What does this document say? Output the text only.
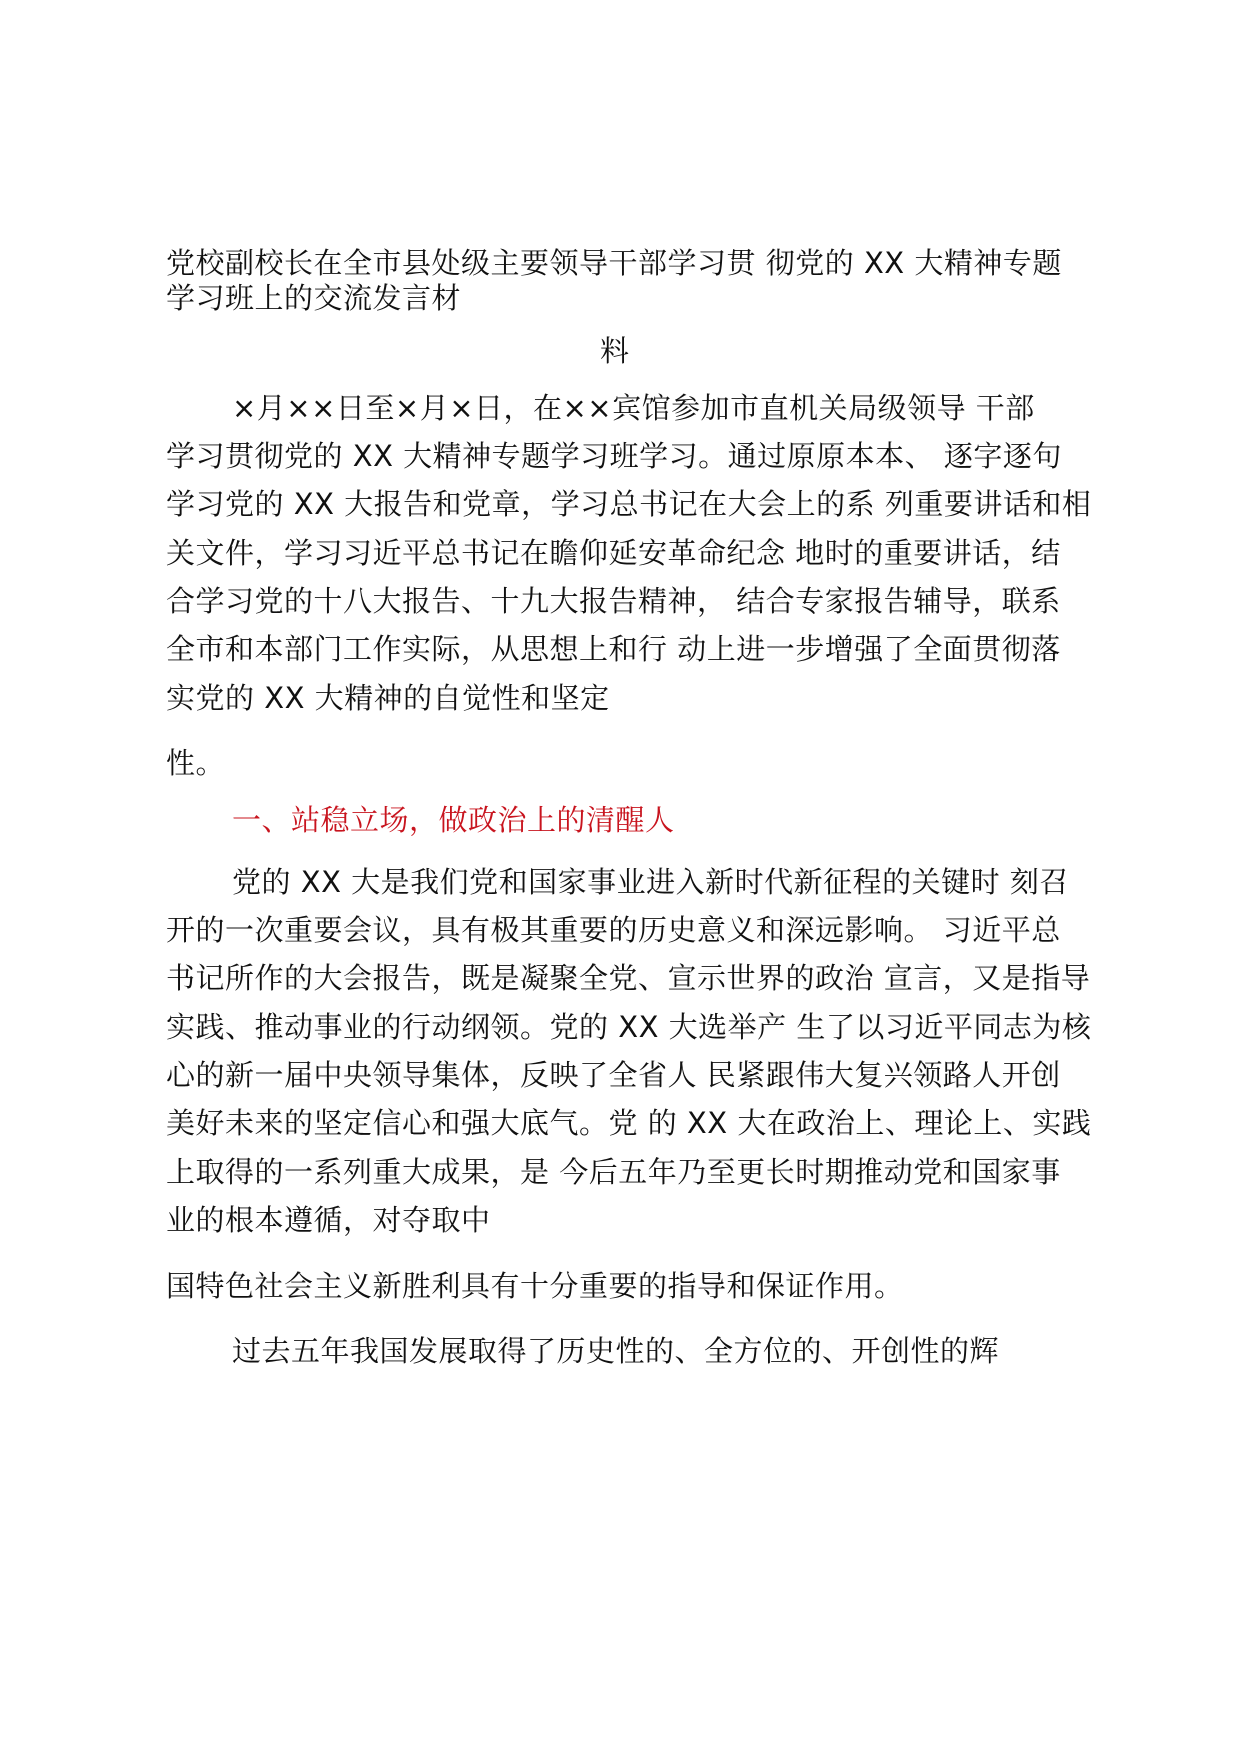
党校副校长在全市县处级主要领导干部学习贯 彻党的 XX 大精神专题
学习班上的交流发言材
料
×月××日至×月×日，在××宾馆参加市直机关局级领导 干部
学习贯彻党的 XX 大精神专题学习班学习。通过原原本本、 逐字逐句
学习党的 XX 大报告和党章，学习总书记在大会上的系 列重要讲话和相
关文件，学习习近平总书记在瞻仰延安革命纪念 地时的重要讲话，结
合学习党的十八大报告、十九大报告精神， 结合专家报告辅导，联系
全市和本部门工作实际，从思想上和行 动上进一步增强了全面贯彻落
实党的 XX 大精神的自觉性和坚定
性。
一、站稳立场，做政治上的清醒人
党的 XX 大是我们党和国家事业进入新时代新征程的关键时 刻召
开的一次重要会议，具有极其重要的历史意义和深远影响。 习近平总
书记所作的大会报告，既是凝聚全党、宣示世界的政治 宣言，又是指导
实践、推动事业的行动纲领。党的 XX 大选举产 生了以习近平同志为核
心的新一届中央领导集体，反映了全省人 民紧跟伟大复兴领路人开创
美好未来的坚定信心和强大底气。党 的 XX 大在政治上、理论上、实践
上取得的一系列重大成果，是 今后五年乃至更长时期推动党和国家事
业的根本遵循，对夺取中
国特色社会主义新胜利具有十分重要的指导和保证作用。
过去五年我国发展取得了历史性的、全方位的、开创性的辉
